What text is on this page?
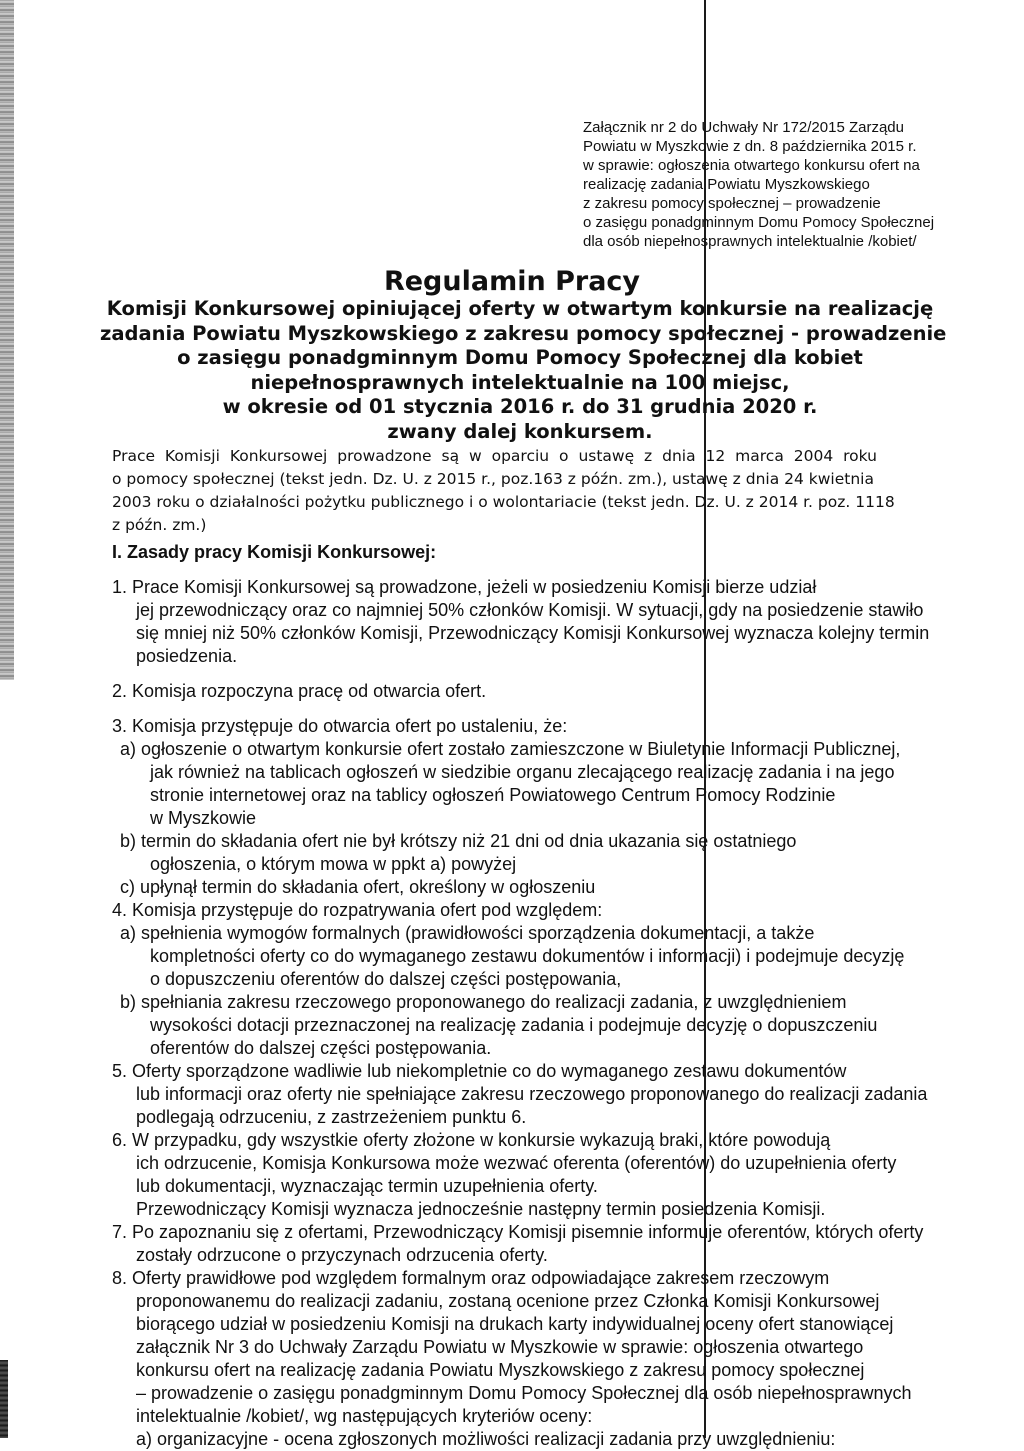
Załącznik nr 2 do Uchwały Nr 172/2015 Zarządu
Powiatu w Myszkowie z dn. 8 października 2015 r.
w sprawie: ogłoszenia otwartego konkursu ofert na
realizację zadania Powiatu Myszkowskiego
z zakresu pomocy społecznej – prowadzenie
o zasięgu ponadgminnym Domu Pomocy Społecznej
dla osób niepełnosprawnych intelektualnie /kobiet/
Regulamin Pracy
Komisji Konkursowej opiniującej oferty w otwartym konkursie na realizację
zadania Powiatu Myszkowskiego z zakresu pomocy społecznej - prowadzenie
o zasięgu ponadgminnym Domu Pomocy Społecznej dla kobiet
niepełnosprawnych intelektualnie na 100 miejsc,
w okresie od 01 stycznia 2016 r. do 31 grudnia 2020 r.
zwany dalej konkursem.
Prace Komisji Konkursowej prowadzone są w oparciu o ustawę z dnia 12 marca 2004 roku
o pomocy społecznej (tekst jedn. Dz. U. z 2015 r., poz.163 z późn. zm.), ustawę z dnia 24 kwietnia
2003 roku o działalności pożytku publicznego i o wolontariacie (tekst jedn. Dz. U. z 2014 r. poz. 1118
z późn. zm.)
I. Zasady pracy Komisji Konkursowej:
1. Prace Komisji Konkursowej są prowadzone, jeżeli w posiedzeniu Komisji bierze udział
jej przewodniczący oraz co najmniej 50% członków Komisji. W sytuacji, gdy na posiedzenie stawiło
się mniej niż 50% członków Komisji, Przewodniczący Komisji Konkursowej wyznacza kolejny termin
posiedzenia.
2. Komisja rozpoczyna pracę od otwarcia ofert.
3. Komisja przystępuje do otwarcia ofert po ustaleniu, że:
a) ogłoszenie o otwartym konkursie ofert zostało zamieszczone w Biuletynie Informacji Publicznej,
jak również na tablicach ogłoszeń w siedzibie organu zlecającego realizację zadania i na jego
stronie internetowej oraz na tablicy ogłoszeń Powiatowego Centrum Pomocy Rodzinie
w Myszkowie
b) termin do składania ofert nie był krótszy niż 21 dni od dnia ukazania się ostatniego
ogłoszenia, o którym mowa w ppkt a) powyżej
c) upłynął termin do składania ofert, określony w ogłoszeniu
4. Komisja przystępuje do rozpatrywania ofert pod względem:
a) spełnienia wymogów formalnych (prawidłowości sporządzenia dokumentacji, a także
kompletności oferty co do wymaganego zestawu dokumentów i informacji) i podejmuje decyzję
o dopuszczeniu oferentów do dalszej części postępowania,
b) spełniania zakresu rzeczowego proponowanego do realizacji zadania, z uwzględnieniem
wysokości dotacji przeznaczonej na realizację zadania i podejmuje decyzję o dopuszczeniu
oferentów do dalszej części postępowania.
5. Oferty sporządzone wadliwie lub niekompletnie co do wymaganego zestawu dokumentów
lub informacji oraz oferty nie spełniające zakresu rzeczowego proponowanego do realizacji zadania
podlegają odrzuceniu, z zastrzeżeniem punktu 6.
6. W przypadku, gdy wszystkie oferty złożone w konkursie wykazują braki, które powodują
ich odrzucenie, Komisja Konkursowa może wezwać oferenta (oferentów) do uzupełnienia oferty
lub dokumentacji, wyznaczając termin uzupełnienia oferty.
Przewodniczący Komisji wyznacza jednocześnie następny termin posiedzenia Komisji.
7. Po zapoznaniu się z ofertami, Przewodniczący Komisji pisemnie informuje oferentów, których oferty
zostały odrzucone o przyczynach odrzucenia oferty.
8. Oferty prawidłowe pod względem formalnym oraz odpowiadające zakresem rzeczowym
proponowanemu do realizacji zadaniu, zostaną ocenione przez Członka Komisji Konkursowej
biorącego udział w posiedzeniu Komisji na drukach karty indywidualnej oceny ofert stanowiącej
załącznik Nr 3 do Uchwały Zarządu Powiatu w Myszkowie w sprawie: ogłoszenia otwartego
konkursu ofert na realizację zadania Powiatu Myszkowskiego z zakresu pomocy społecznej
– prowadzenie o zasięgu ponadgminnym Domu Pomocy Społecznej dla osób niepełnosprawnych
intelektualnie /kobiet/, wg następujących kryteriów oceny:
a) organizacyjne - ocena zgłoszonych możliwości realizacji zadania przy uwzględnieniu:
